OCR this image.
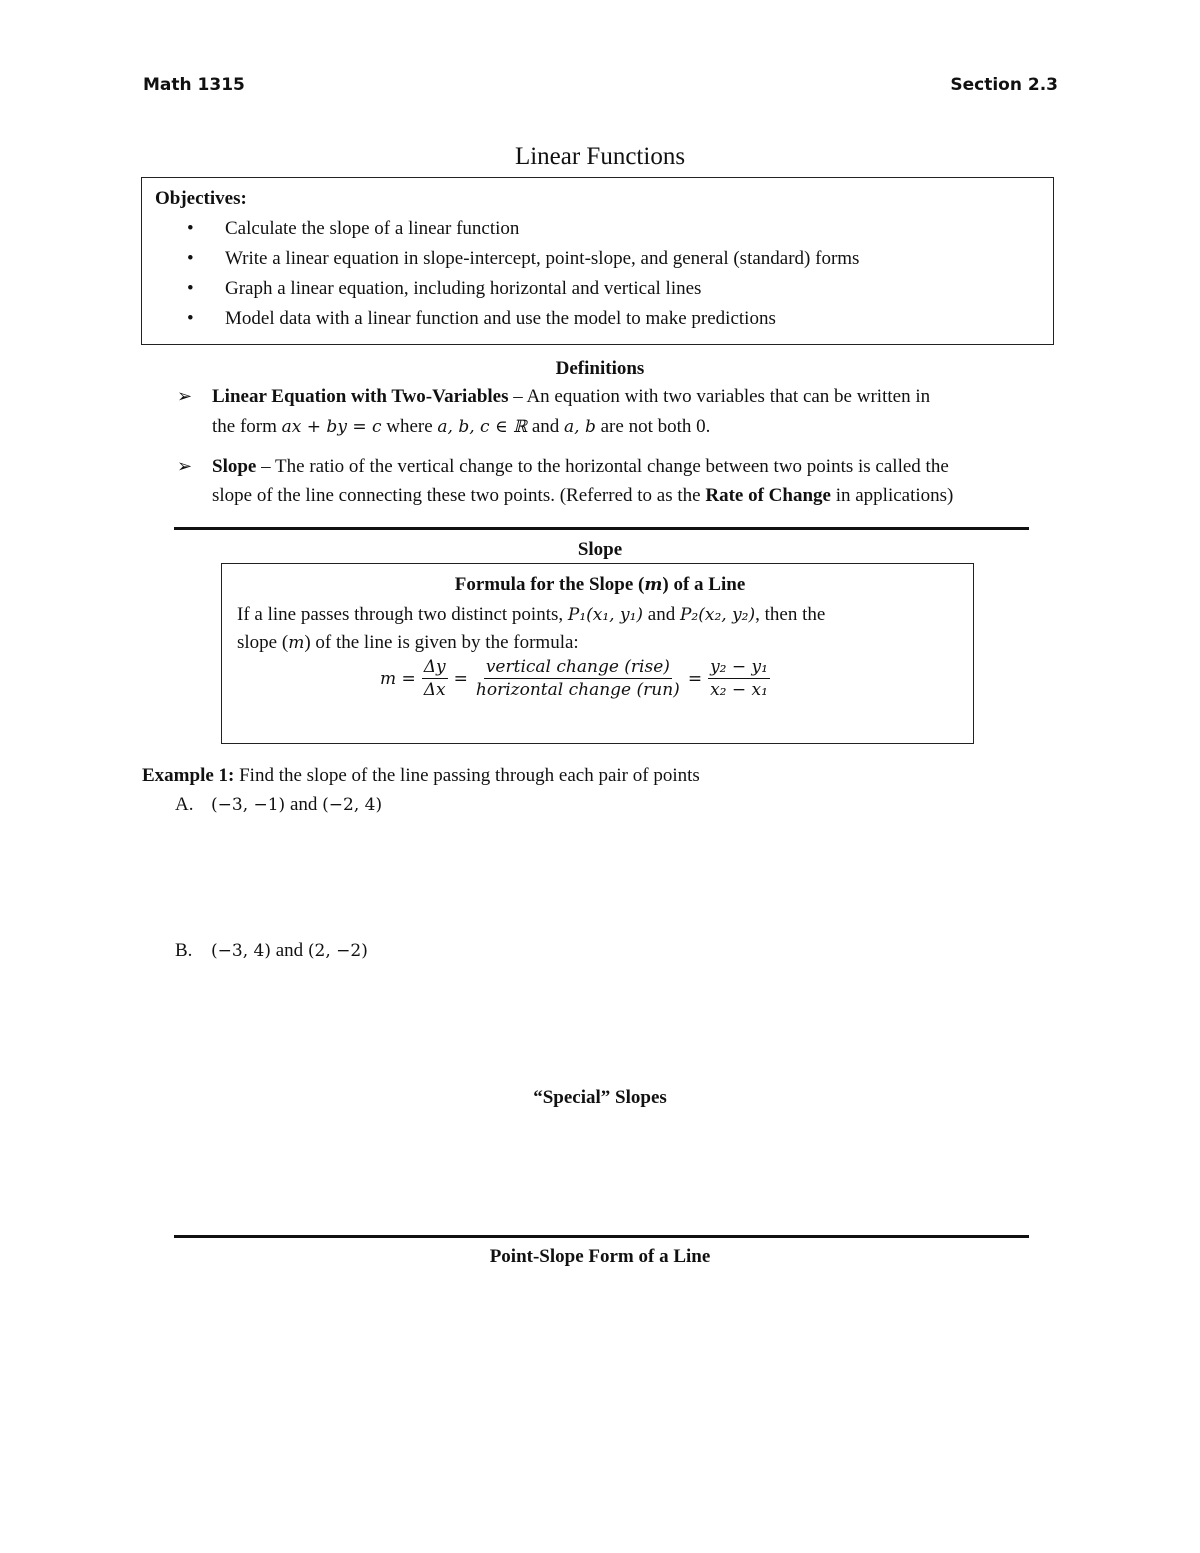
Math 1315	Section 2.3
Linear Functions
Objectives:
• Calculate the slope of a linear function
• Write a linear equation in slope-intercept, point-slope, and general (standard) forms
• Graph a linear equation, including horizontal and vertical lines
• Model data with a linear function and use the model to make predictions
Definitions
➢ Linear Equation with Two-Variables – An equation with two variables that can be written in
the form ax + by = c where a, b, c ∈ ℝ and a, b are not both 0.
➢ Slope – The ratio of the vertical change to the horizontal change between two points is called the
slope of the line connecting these two points. (Referred to as the Rate of Change in applications)
Slope
Formula for the Slope (m) of a Line
If a line passes through two distinct points, P₁(x₁, y₁) and P₂(x₂, y₂), then the
slope (m) of the line is given by the formula:
$m = \frac{\Delta y}{\Delta x} = \frac{\text{vertical change (rise)}}{\text{horizontal change (run)}} = \frac{\text{y₂ − y₁}}{\text{x₂ − x₁}}$
Example 1: Find the slope of the line passing through each pair of points
A. (−3, −1) and (−2, 4)
B. (−3, 4) and (2, −2)
“Special” Slopes
Point-Slope Form of a Line
